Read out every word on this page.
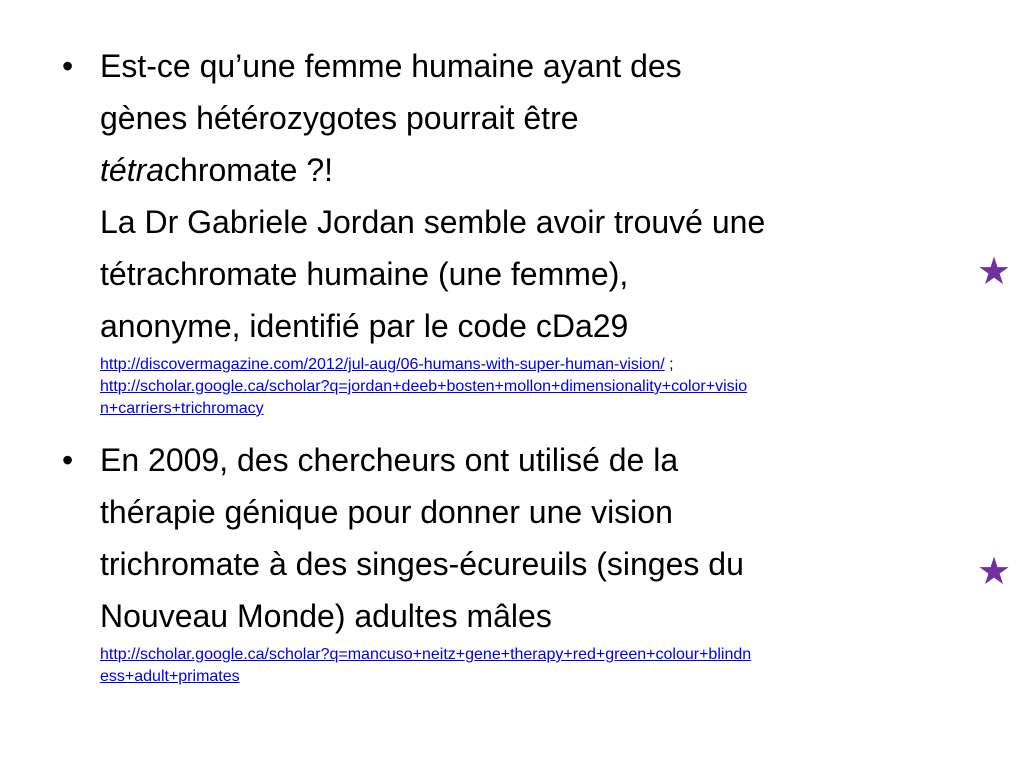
• Est-ce qu’une femme humaine ayant des
gènes hétérozygotes pourrait être
tétrachromate ?!
La Dr Gabriele Jordan semble avoir trouvé une
tétrachromate humaine (une femme),
anonyme, identifié par le code cDa29
http://discovermagazine.com/2012/jul-aug/06-humans-with-super-human-vision/ ;
http://scholar.google.ca/scholar?q=jordan+deeb+bosten+mollon+dimensionality+color+visio
n+carriers+trichromacy
• En 2009, des chercheurs ont utilisé de la
thérapie génique pour donner une vision
trichromate à des singes-écureuils (singes du
Nouveau Monde) adultes mâles
http://scholar.google.ca/scholar?q=mancuso+neitz+gene+therapy+red+green+colour+blindn
ess+adult+primates
★
★
